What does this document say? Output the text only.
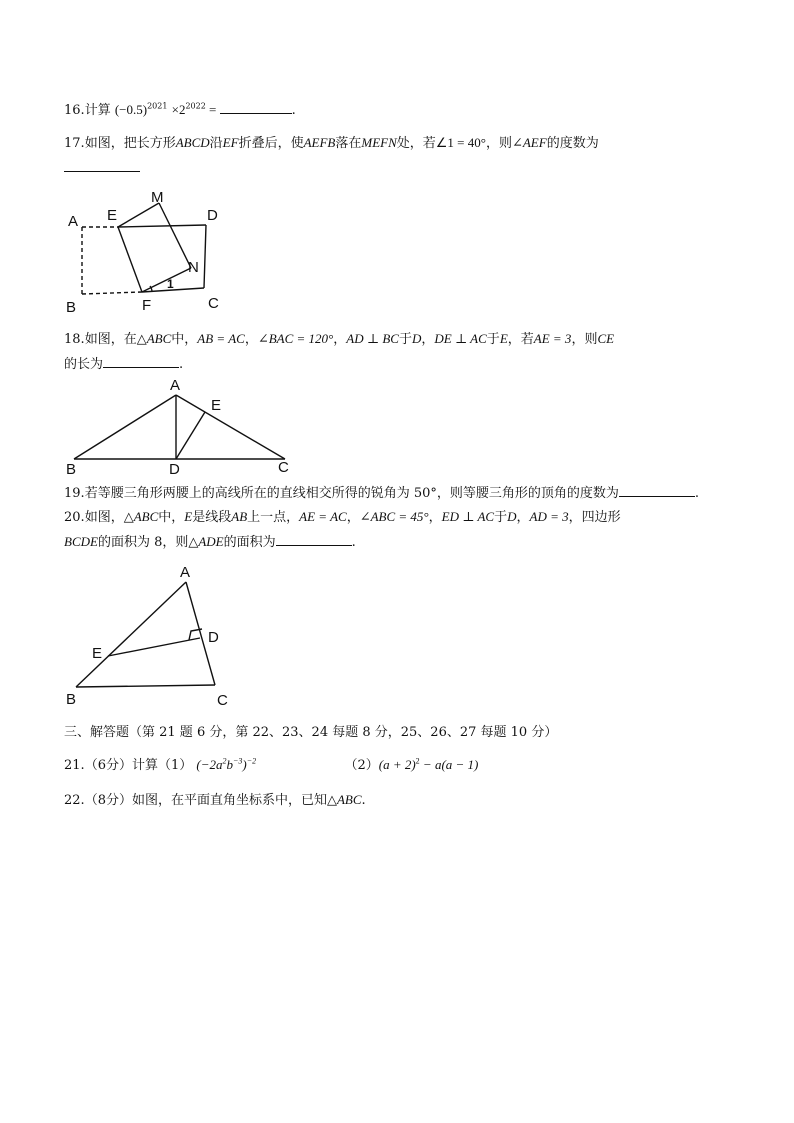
16.计算 $(-0.5)^{2021} \times 2^{2022}$ =	.
17.如图，把长方形ABCD沿EF折叠后，使AEFB落在MEFN处，若∠1 = 40°，则∠AEF的度数为
A E
M
D
N
B	F	C
1
18.如图，在△ABC中，AB = AC，∠BAC = 120°，AD ⊥ BC于D，DE ⊥ AC于E，若AE = 3，则CE
的长为	.
A
E
B	D	C
19.若等腰三角形两腰上的高线所在的直线相交所得的锐角为 50°，则等腰三角形的顶角的度数为	.
20.如图，△ABC中，E是线段AB上一点，AE = AC，∠ABC = 45°，ED ⊥ AC于D，AD = 3，四边形
BCDE的面积为 8，则△ADE的面积为	.
A
D
E
B	C
三、解答题（第 21 题 6 分，第 22、23、24 每题 8 分，25、26、27 每题 10 分）
21.（6分）计算（1） $(-2a^2b^{-3})^{-2}$	$(2)(a + 2)^2 - a(a - 1)$
22.（8分）如图，在平面直角坐标系中，已知△ABC.
